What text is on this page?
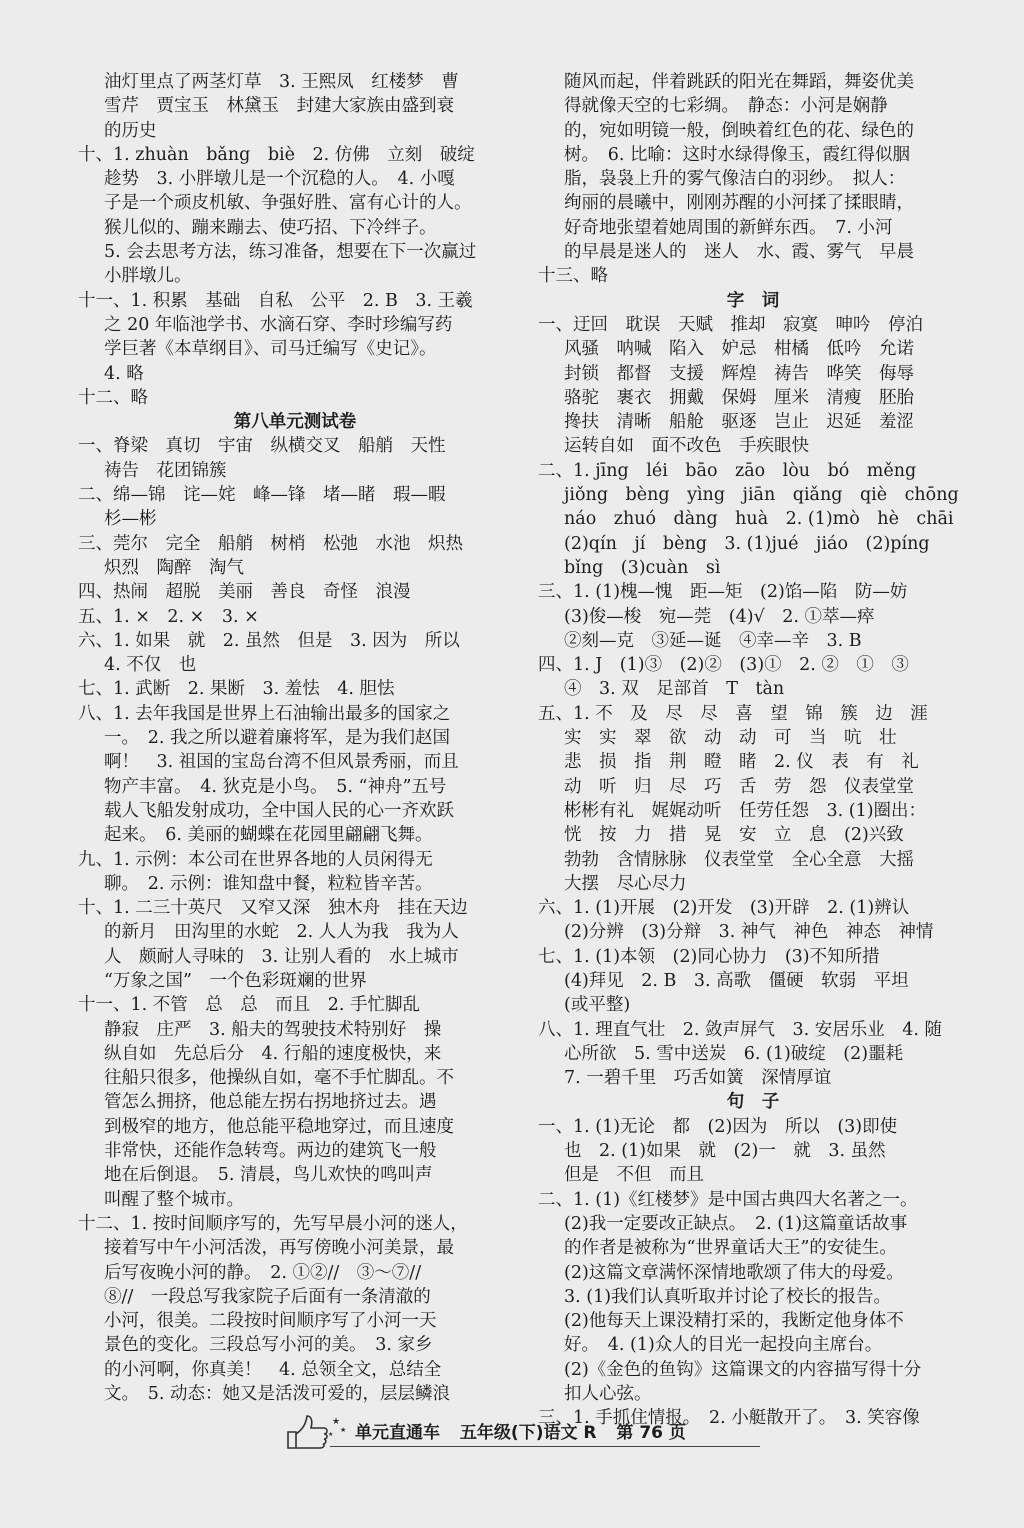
油灯里点了两茎灯草　3. 王熙凤　红楼梦　曹
雪芹　贾宝玉　林黛玉　封建大家族由盛到衰
的历史
十、1. zhuàn　bǎng　biè　2. 仿佛　立刻　破绽
趁势　3. 小胖墩儿是一个沉稳的人。　4. 小嘎
子是一个顽皮机敏、争强好胜、富有心计的人。
猴儿似的、蹦来蹦去、使巧招、下冷绊子。
5. 会去思考方法，练习准备，想要在下一次赢过
小胖墩儿。
十一、1. 积累　基础　自私　公平　2. B　3. 王羲
之 20 年临池学书、水滴石穿、李时珍编写药
学巨著《本草纲目》、司马迁编写《史记》。
4. 略
十二、略
第八单元测试卷
一、脊梁　真切　宇宙　纵横交叉　船艄　天性
祷告　花团锦簇
二、绵—锦　诧—姹　峰—锋　堵—睹　瑕—暇
杉—彬
三、莞尔　完全　船艄　树梢　松弛　水池　炽热
炽烈　陶醉　淘气
四、热闹　超脱　美丽　善良　奇怪　浪漫
五、1. ×　2. ×　3. ×
六、1. 如果　就　2. 虽然　但是　3. 因为　所以
4. 不仅　也
七、1. 武断　2. 果断　3. 羞怯　4. 胆怯
八、1. 去年我国是世界上石油输出最多的国家之
一。　2. 我之所以避着廉将军，是为我们赵国
啊！　3. 祖国的宝岛台湾不但风景秀丽，而且
物产丰富。　4. 狄克是小鸟。　5. “神舟”五号
载人飞船发射成功，全中国人民的心一齐欢跃
起来。　6. 美丽的蝴蝶在花园里翩翩飞舞。
九、1. 示例：本公司在世界各地的人员闲得无
聊。　2. 示例：谁知盘中餐，粒粒皆辛苦。
十、1. 二三十英尺　又窄又深　独木舟　挂在天边
的新月　田沟里的水蛇　2. 人人为我　我为人
人　颇耐人寻味的　3. 让别人看的　水上城市
“万象之国”　一个色彩斑斓的世界
十一、1. 不管　总　总　而且　2. 手忙脚乱
静寂　庄严　3. 船夫的驾驶技术特别好　操
纵自如　先总后分　4. 行船的速度极快，来
往船只很多，他操纵自如，毫不手忙脚乱。不
管怎么拥挤，他总能左拐右拐地挤过去。遇
到极窄的地方，他总能平稳地穿过，而且速度
非常快，还能作急转弯。两边的建筑飞一般
地在后倒退。　5. 清晨，鸟儿欢快的鸣叫声
叫醒了整个城市。
十二、1. 按时间顺序写的，先写早晨小河的迷人，
接着写中午小河活泼，再写傍晚小河美景，最
后写夜晚小河的静。　2. ①②//　③～⑦//
⑧//　一段总写我家院子后面有一条清澈的
小河，很美。二段按时间顺序写了小河一天
景色的变化。三段总写小河的美。　3. 家乡
的小河啊，你真美！　4. 总领全文，总结全
文。　5. 动态：她又是活泼可爱的，层层鳞浪
随风而起，伴着跳跃的阳光在舞蹈，舞姿优美
得就像天空的七彩绸。　静态：小河是娴静
的，宛如明镜一般，倒映着红色的花、绿色的
树。　6. 比喻：这时水绿得像玉，霞红得似胭
脂，袅袅上升的雾气像洁白的羽纱。　拟人：
绚丽的晨曦中，刚刚苏醒的小河揉了揉眼睛，
好奇地张望着她周围的新鲜东西。　7. 小河
的早晨是迷人的　迷人　水、霞、雾气　早晨
十三、略
字　词
一、迂回　耽误　天赋　推却　寂寞　呻吟　停泊
风骚　呐喊　陷入　妒忌　柑橘　低吟　允诺
封锁　都督　支援　辉煌　祷告　哗笑　侮辱
骆驼　裹衣　拥戴　保姆　厘米　清瘦　胚胎
搀扶　清晰　船舱　驱逐　岂止　迟延　羞涩
运转自如　面不改色　手疾眼快
二、1. jīng　léi　bāo　zāo　lòu　bó　měng
jiǒng　bèng　yìng　jiān　qiǎng　qiè　chōng
náo　zhuó　dàng　huà　2. (1)mò　hè　chāi
(2)qín　jí　bèng　3. (1)jué　jiáo　(2)píng
bǐng　(3)cuàn　sì
三、1. (1)槐—愧　距—矩　(2)馅—陷　防—妨
(3)俊—梭　宛—莞　(4)√　2. ①萃—瘁
②刻—克　③延—诞　④幸—辛　3. B
四、1. J　(1)③　(2)②　(3)①　2. ②　①　③
④　3. 双　足部首　T　tàn
五、1. 不　及　尽　尽　喜　望　锦　簇　边　涯
实　实　翠　欲　动　动　可　当　吭　壮
悲　损　指　荆　瞪　睹　2. 仪　表　有　礼
动　听　归　尽　巧　舌　劳　怨　仪表堂堂
彬彬有礼　娓娓动听　任劳任怨　3. (1)圈出：
恍　按　力　措　晃　安　立　息　(2)兴致
勃勃　含情脉脉　仪表堂堂　全心全意　大摇
大摆　尽心尽力
六、1. (1)开展　(2)开发　(3)开辟　2. (1)辨认
(2)分辨　(3)分辩　3. 神气　神色　神态　神情
七、1. (1)本领　(2)同心协力　(3)不知所措
(4)拜见　2. B　3. 高歌　僵硬　软弱　平坦
(或平整)
八、1. 理直气壮　2. 敛声屏气　3. 安居乐业　4. 随
心所欲　5. 雪中送炭　6. (1)破绽　(2)噩耗
7. 一碧千里　巧舌如簧　深情厚谊
句　子
一、1. (1)无论　都　(2)因为　所以　(3)即使
也　2. (1)如果　就　(2)一　就　3. 虽然
但是　不但　而且
二、1. (1)《红楼梦》是中国古典四大名著之一。
(2)我一定要改正缺点。　2. (1)这篇童话故事
的作者是被称为“世界童话大王”的安徒生。
(2)这篇文章满怀深情地歌颂了伟大的母爱。
3. (1)我们认真听取并讨论了校长的报告。
(2)他每天上课没精打采的，我断定他身体不
好。　4. (1)众人的目光一起投向主席台。
(2)《金色的鱼钩》这篇课文的内容描写得十分
扣人心弦。
三、1. 手抓住情报。　2. 小艇散开了。　3. 笑容像
★
★
★ 单元直通车 五年级(下)语文 R 第 76 页
